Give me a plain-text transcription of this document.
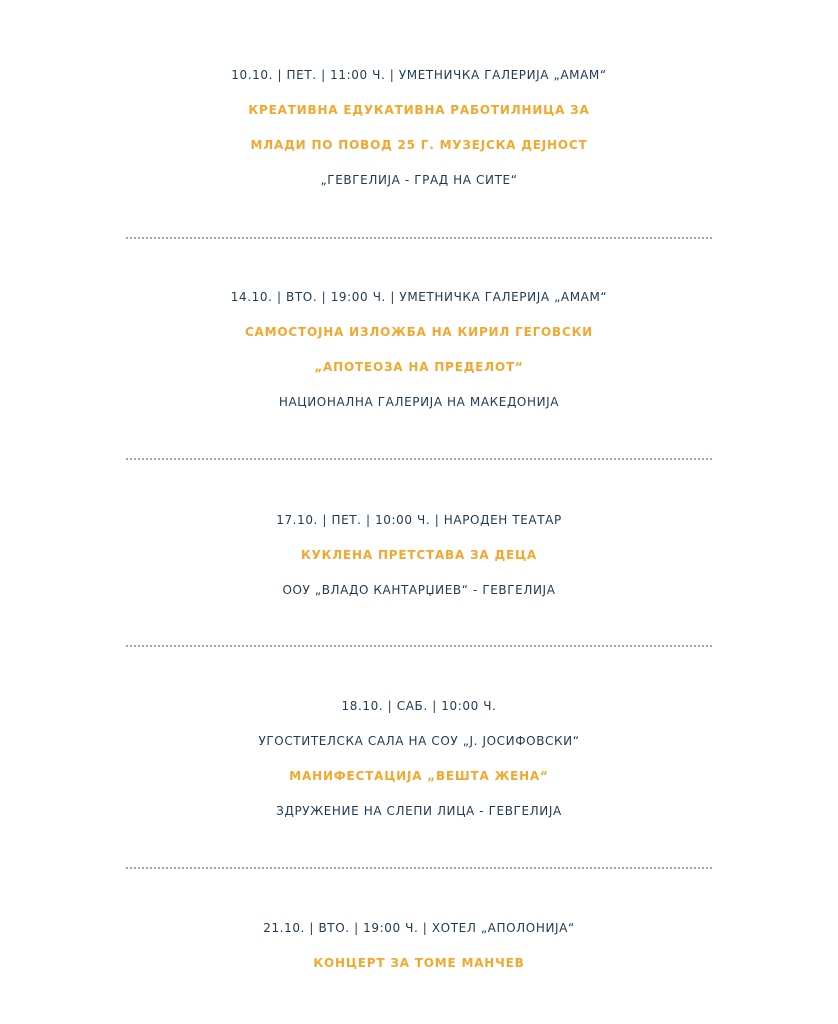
10.10. | ПЕТ. | 11:00 Ч. | УМЕТНИЧКА ГАЛЕРИЈА „АМАМ“
КРЕАТИВНА ЕДУКАТИВНА РАБОТИЛНИЦА ЗА
МЛАДИ ПО ПОВОД 25 Г. МУЗЕЈСКА ДЕЈНОСТ
„ГЕВГЕЛИЈА - ГРАД НА СИТЕ“
14.10. | ВТО. | 19:00 Ч. | УМЕТНИЧКА ГАЛЕРИЈА „АМАМ“
САМОСТОЈНА ИЗЛОЖБА НА КИРИЛ ГЕГОВСКИ
„АПОТЕОЗА НА ПРЕДЕЛОТ“
НАЦИОНАЛНА ГАЛЕРИЈА НА МАКЕДОНИЈА
17.10. | ПЕТ. | 10:00 Ч. | НАРОДЕН ТЕАТАР
КУКЛЕНА ПРЕТСТАВА ЗА ДЕЦА
ООУ „ВЛАДО КАНТАРЏИЕВ“ - ГЕВГЕЛИЈА
18.10. | САБ. | 10:00 Ч.
УГОСТИТЕЛСКА САЛА НА СОУ „Ј. ЈОСИФОВСКИ“
МАНИФЕСТАЦИЈА „ВЕШТА ЖЕНА“
ЗДРУЖЕНИЕ НА СЛЕПИ ЛИЦА - ГЕВГЕЛИЈА
21.10. | ВТО. | 19:00 Ч. | ХОТЕЛ „АПОЛОНИЈА“
КОНЦЕРТ ЗА ТОМЕ МАНЧЕВ
